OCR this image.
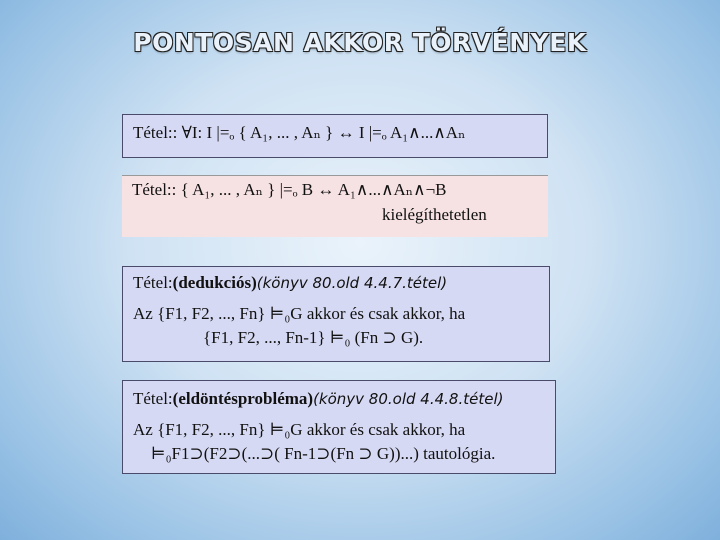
PONTOSAN AKKOR TÖRVÉNYEK
Tétel:: ∀I: I |=ₒ { A₁, ... , Aₙ } ↔ I |=ₒ A₁∧...∧Aₙ
Tétel:: { A₁, ... , Aₙ } |=ₒ B ↔ A₁∧...∧Aₙ∧¬B
kielégíthetetlen
Tétel:(dedukciós)(könyv 80.old 4.4.7.tétel)
Az {F1, F2, ..., Fn} ⊨₀G akkor és csak akkor, ha
{F1, F2, ..., Fn-1} ⊨₀ (Fn ⊃ G).
Tétel:(eldöntésprobléma)(könyv 80.old 4.4.8.tétel)
Az {F1, F2, ..., Fn} ⊨₀G akkor és csak akkor, ha
⊨₀F1⊃(F2⊃(...⊃( Fn-1⊃(Fn ⊃ G))...) tautológia.
